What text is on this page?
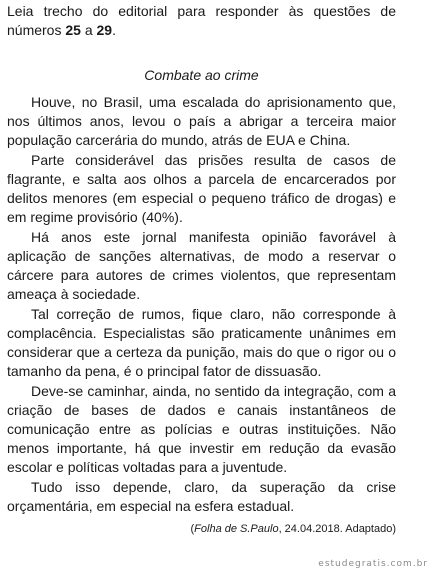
Leia trecho do editorial para responder às questões de números 25 a 29.

Combate ao crime

Houve, no Brasil, uma escalada do aprisionamento que, nos últimos anos, levou o país a abrigar a terceira maior população carcerária do mundo, atrás de EUA e China.

Parte considerável das prisões resulta de casos de flagrante, e salta aos olhos a parcela de encarcerados por delitos menores (em especial o pequeno tráfico de drogas) e em regime provisório (40%).

Há anos este jornal manifesta opinião favorável à aplicação de sanções alternativas, de modo a reservar o cárcere para autores de crimes violentos, que representam ameaça à sociedade.

Tal correção de rumos, fique claro, não corresponde à complacência. Especialistas são praticamente unânimes em considerar que a certeza da punição, mais do que o rigor ou o tamanho da pena, é o principal fator de dissuasão.

Deve-se caminhar, ainda, no sentido da integração, com a criação de bases de dados e canais instantâneos de comunicação entre as polícias e outras instituições. Não menos importante, há que investir em redução da evasão escolar e políticas voltadas para a juventude.

Tudo isso depende, claro, da superação da crise orçamentária, em especial na esfera estadual.

(Folha de S.Paulo, 24.04.2018. Adaptado)

estudegratis.com.br
